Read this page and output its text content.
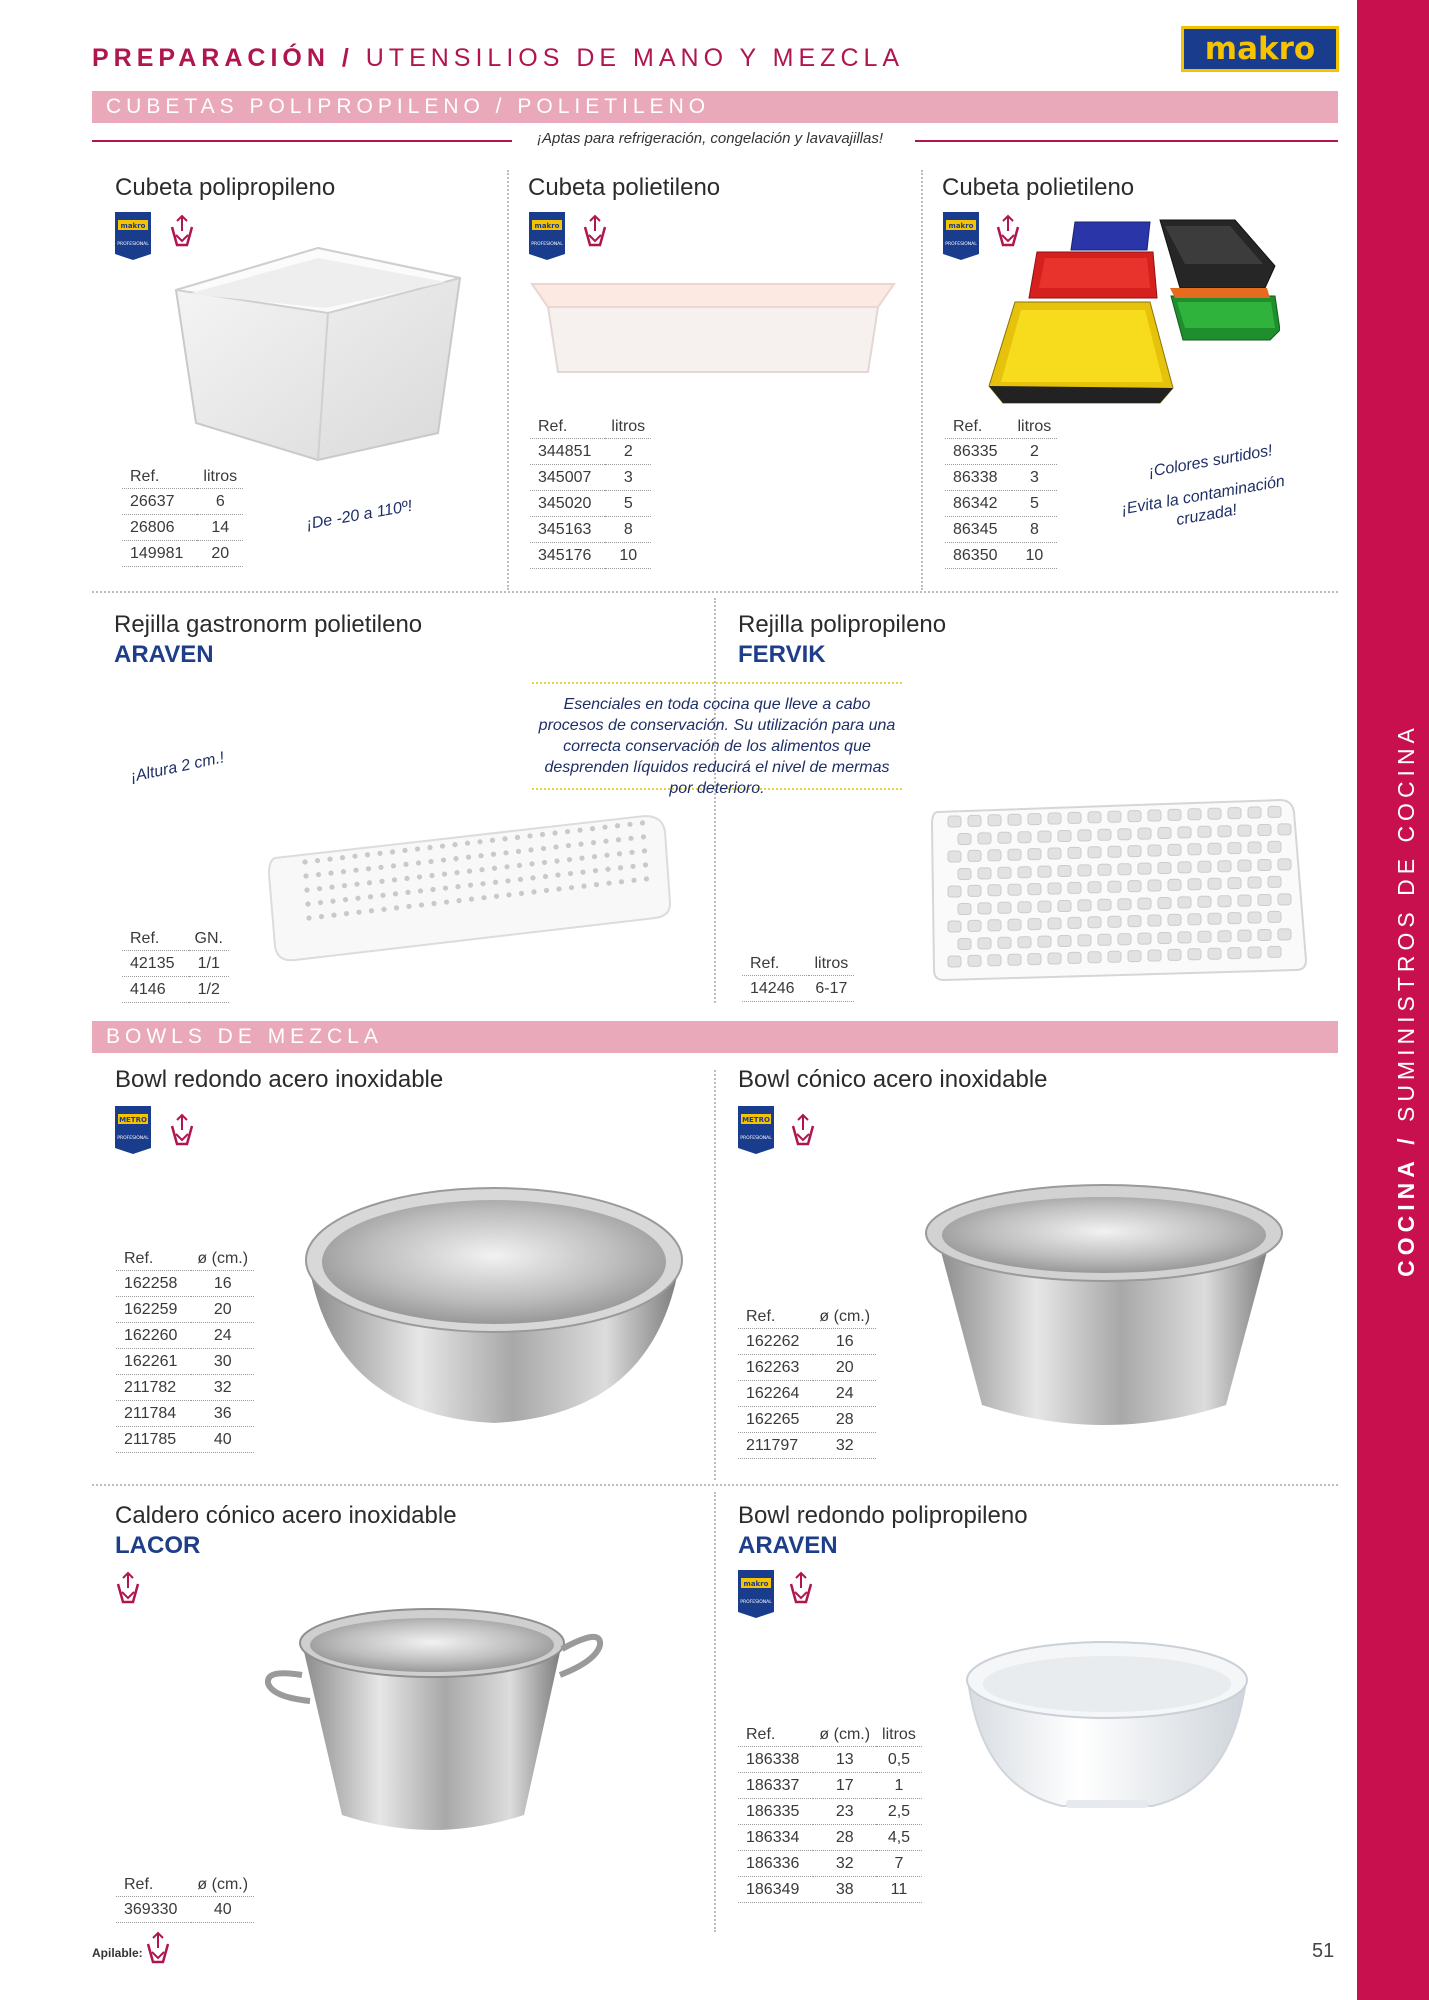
COCINA / SUMINISTROS DE COCINA
PREPARACIÓN / UTENSILIOS DE MANO Y MEZCLA	makro
CUBETAS POLIPROPILENO / POLIETILENO
¡Aptas para refrigeración, congelación y lavavajillas!
Cubeta polipropileno
makro
PROFESIONAL
Ref.	litros
26637	6
26806	14
149981	20
¡De -20 a 110º!
Cubeta polietileno
makro
PROFESIONAL
Ref.	litros
344851	2
345007	3
345020	5
345163	8
345176	10
Cubeta polietileno
makro
PROFESIONAL
Ref.	litros
86335	2
86338	3
86342	5
86345	8
86350	10
¡Colores surtidos!
¡Evita la contaminación cruzada!
Rejilla gastronorm polietileno
ARAVEN
¡Altura 2 cm.!
Ref.	GN.
42135	1/1
4146	1/2
Esenciales en toda cocina que lleve a cabo procesos de conservación. Su utilización para una correcta conservación de los alimentos que desprenden líquidos reducirá el nivel de mermas por deterioro.
Rejilla polipropileno
FERVIK
Ref.	litros
14246	6-17
BOWLS DE MEZCLA
Bowl redondo acero inoxidable
METRO
PROFESIONAL
Ref.	ø (cm.)
162258	16
162259	20
162260	24
162261	30
211782	32
211784	36
211785	40
Bowl cónico acero inoxidable
METRO
PROFESIONAL
Ref.	ø (cm.)
162262	16
162263	20
162264	24
162265	28
211797	32
Caldero cónico acero inoxidable
LACOR
Ref.	ø (cm.)
369330	40
Bowl redondo polipropileno
ARAVEN
makro
PROFESIONAL
Ref.	ø (cm.)	litros
186338	13	0,5
186337	17	1
186335	23	2,5
186334	28	4,5
186336	32	7
186349	38	11
Apilable:	51
